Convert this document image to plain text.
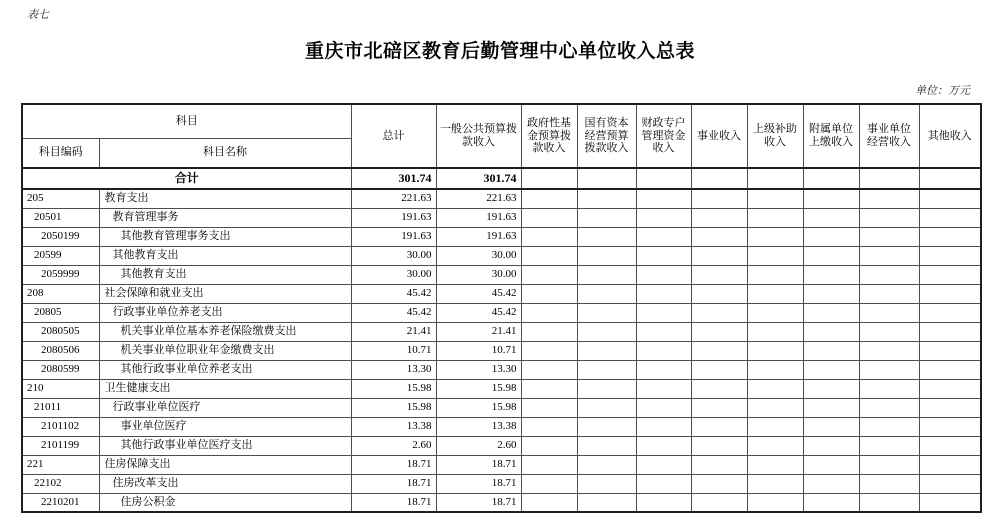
表七
重庆市北碚区教育后勤管理中心单位收入总表
单位：万元
科目		总计	一般公共预算拨款收入	政府性基金预算拨款收入	国有资本经营预算拨款收入	财政专户管理资金收入	事业收入	上级补助收入	附属单位上缴收入	事业单位经营收入	其他收入
科目编码	科目名称										
合计		301.74	301.74								
205	教育支出	221.63	221.63								
20501	教育管理事务	191.63	191.63								
2050199	其他教育管理事务支出	191.63	191.63								
20599	其他教育支出	30.00	30.00								
2059999	其他教育支出	30.00	30.00								
208	社会保障和就业支出	45.42	45.42								
20805	行政事业单位养老支出	45.42	45.42								
2080505	机关事业单位基本养老保险缴费支出	21.41	21.41								
2080506	机关事业单位职业年金缴费支出	10.71	10.71								
2080599	其他行政事业单位养老支出	13.30	13.30								
210	卫生健康支出	15.98	15.98								
21011	行政事业单位医疗	15.98	15.98								
2101102	事业单位医疗	13.38	13.38								
2101199	其他行政事业单位医疗支出	2.60	2.60								
221	住房保障支出	18.71	18.71								
22102	住房改革支出	18.71	18.71								
2210201	住房公积金	18.71	18.71								
